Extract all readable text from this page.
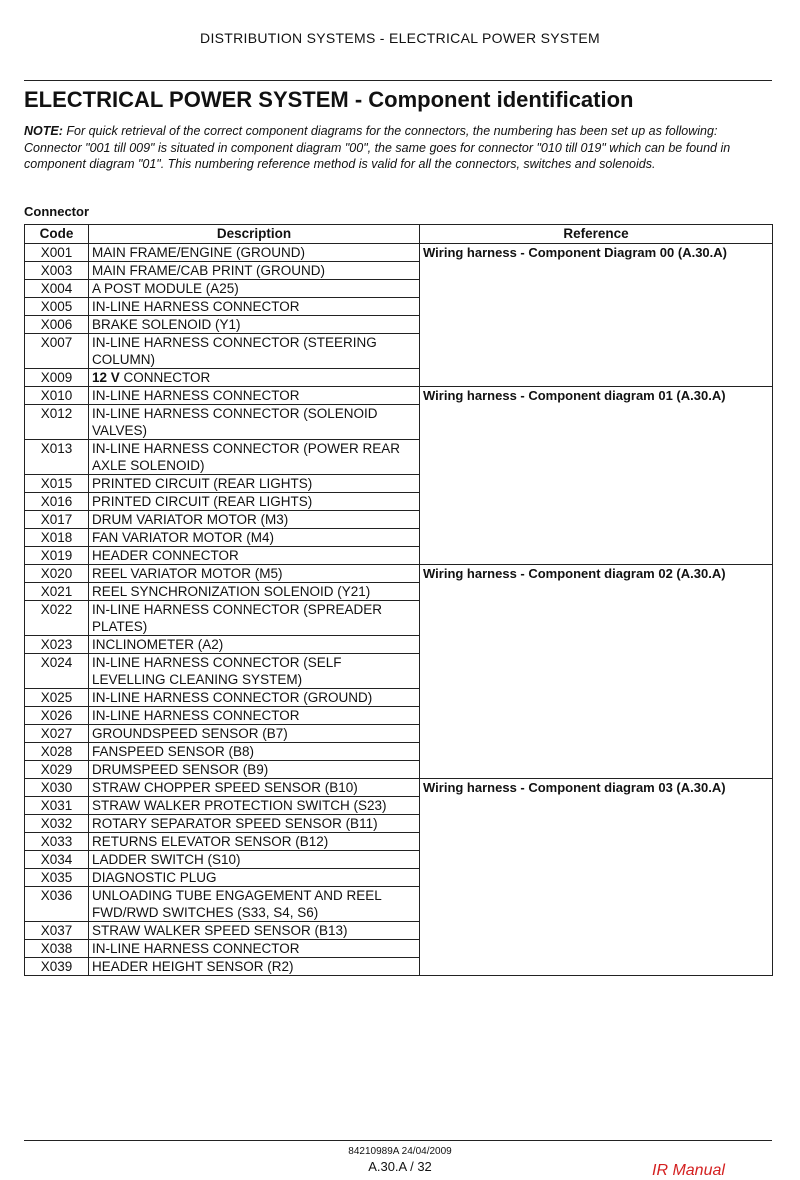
DISTRIBUTION SYSTEMS - ELECTRICAL POWER SYSTEM
ELECTRICAL POWER SYSTEM - Component identification

NOTE: For quick retrieval of the correct component diagrams for the connectors, the numbering has been set up as following: Connector "001 till 009" is situated in component diagram "00", the same goes for connector "010 till 019" which can be found in component diagram "01". This numbering reference method is valid for all the connectors, switches and solenoids.

Connector
Code	Description	Reference
X001	MAIN FRAME/ENGINE (GROUND)	Wiring harness - Component Diagram 00 (A.30.A)
X003	MAIN FRAME/CAB PRINT (GROUND)	
X004	A POST MODULE (A25)	
X005	IN-LINE HARNESS CONNECTOR	
X006	BRAKE SOLENOID (Y1)	
X007	IN-LINE HARNESS CONNECTOR (STEERING COLUMN)	
X009	12 V CONNECTOR	
X010	IN-LINE HARNESS CONNECTOR	Wiring harness - Component diagram 01 (A.30.A)
X012	IN-LINE HARNESS CONNECTOR (SOLENOID VALVES)	
X013	IN-LINE HARNESS CONNECTOR (POWER REAR AXLE SOLENOID)	
X015	PRINTED CIRCUIT (REAR LIGHTS)	
X016	PRINTED CIRCUIT (REAR LIGHTS)	
X017	DRUM VARIATOR MOTOR (M3)	
X018	FAN VARIATOR MOTOR (M4)	
X019	HEADER CONNECTOR	
X020	REEL VARIATOR MOTOR (M5)	Wiring harness - Component diagram 02 (A.30.A)
X021	REEL SYNCHRONIZATION SOLENOID (Y21)	
X022	IN-LINE HARNESS CONNECTOR (SPREADER PLATES)	
X023	INCLINOMETER (A2)	
X024	IN-LINE HARNESS CONNECTOR (SELF LEVELLING CLEANING SYSTEM)	
X025	IN-LINE HARNESS CONNECTOR (GROUND)	
X026	IN-LINE HARNESS CONNECTOR	
X027	GROUNDSPEED SENSOR (B7)	
X028	FANSPEED SENSOR (B8)	
X029	DRUMSPEED SENSOR (B9)	
X030	STRAW CHOPPER SPEED SENSOR (B10)	Wiring harness - Component diagram 03 (A.30.A)
X031	STRAW WALKER PROTECTION SWITCH (S23)	
X032	ROTARY SEPARATOR SPEED SENSOR (B11)	
X033	RETURNS ELEVATOR SENSOR (B12)	
X034	LADDER SWITCH (S10)	
X035	DIAGNOSTIC PLUG	
X036	UNLOADING TUBE ENGAGEMENT AND REEL FWD/RWD SWITCHES (S33, S4, S6)	
X037	STRAW WALKER SPEED SENSOR (B13)	
X038	IN-LINE HARNESS CONNECTOR	
X039	HEADER HEIGHT SENSOR (R2)	
84210989A 24/04/2009
A.30.A / 32	IR Manual
